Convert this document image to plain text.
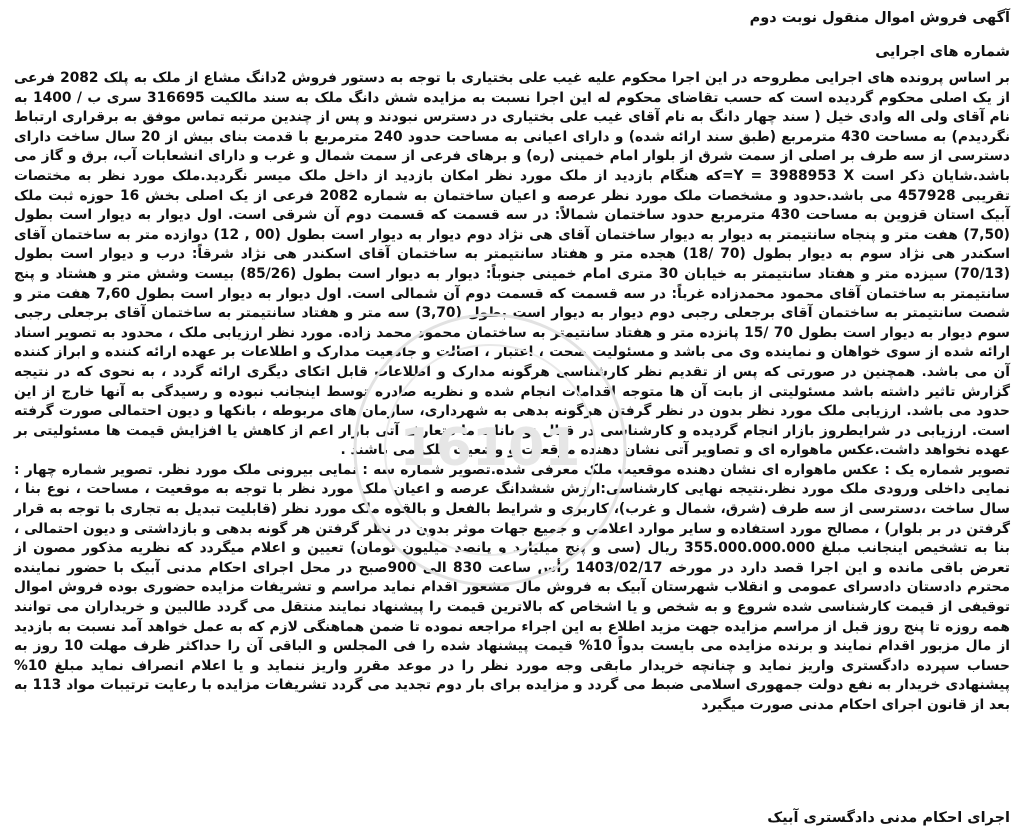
16101
آگهی فروش اموال منقول نوبت دوم
شماره های اجرایی

بر اساس پرونده های اجرایی مطروحه در این اجرا محکوم علیه غیب علی بختیاری با توجه به دستور فروش 2دانگ مشاع از ملک به پلک 2082 فرعی از یک اصلی محکوم گردیده است که حسب تقاضای محکوم له این اجرا نسبت به مزایده شش دانگ ملک به سند مالکیت 316695 سری ب / 1400 به نام آقای ولی اله وادی خیل ( سند چهار دانگ به نام آقای غیب علی بختیاری در دسترس نبودند و پس از چندین مرتبه تماس موفق به برقراری ارتباط نگردیدم) به مساحت 430 مترمربع (طبق سند ارائه شده) و دارای اعیانی به مساحت حدود 240 مترمربع با قدمت بنای بیش از 20 سال ساخت دارای دسترسی از سه طرف بر اصلی از سمت شرق از بلوار امام خمینی (ره) و برهای فرعی از سمت شمال و غرب و دارای انشعابات آب، برق و گاز می باشد.شایان ذکر است Y = 3988953 X=که هنگام بازدید از ملک مورد نظر امکان بازدید از داخل ملک میسر نگردید.ملک مورد نظر به مختصات تقریبی 457928 می باشد.حدود و مشخصات ملک مورد نظر عرصه و اعیان ساختمان به شماره 2082 فرعی از یک اصلی بخش 16 حوزه ثبت ملک آبیک استان قزوین به مساحت 430 مترمربع حدود ساختمان شمالاً: در سه قسمت که قسمت دوم آن شرقی است. اول دیوار به دیوار است بطول (7,50) هفت متر و پنجاه سانتیمتر به دیوار به دیوار ساختمان آقای هی نژاد دوم دیوار به دیوار است بطول (00 , 12) دوازده متر به ساختمان آقای اسکندر هی نژاد سوم به دیوار بطول (70 /18) هجده متر و هفتاد سانتیمتر به ساختمان آقای اسکندر هی نژاد شرقاً: درب و دیوار است بطول (70/13) سیزده متر و هفتاد سانتیمتر به خیابان 30 متری امام خمینی جنوباً: دیوار به دیوار است بطول (85/26) بیست وشش متر و هشتاد و پنج سانتیمتر به ساختمان آقای محمود محمدزاده غرباً: در سه قسمت که قسمت دوم آن شمالی است. اول دیوار به دیوار است بطول 7,60 هفت متر و شصت سانتیمتر به ساختمان آقای برجعلی رجبی دوم دیوار به دیوار است بطول (3,70) سه متر و هفتاد سانتیمتر به ساختمان آقای برجعلی رجبی سوم دیوار به دیوار است بطول 70 /15 پانزده متر و هفتاد سانتیمتر به ساختمان محمود محمد زاده. مورد نظر ارزیابی ملک ، محدود به تصویر اسناد ارائه شده از سوی خواهان و نماینده وی می باشد و مسئولیت صحت ، اعتبار ، اصالت و جامعیت مدارک و اطلاعات بر عهده ارائه کننده و ابراز کننده آن می باشد. همچنین در صورتی که پس از تقدیم نظر کارشناسی هرگونه مدارک و اطلاعات قابل اتکای دیگری ارائه گردد ، به نحوی که در نتیجه گزارش تاثیر داشته باشد مسئولیتی از بابت آن ها متوجه اقدامات انجام شده و نظریه صادره توسط اینجانب نبوده و رسیدگی به آنها خارج از این حدود می باشد. ارزیابی ملک مورد نظر بدون در نظر گرفتن هرگونه بدهی به شهرداری، سازمان های مربوطه ، بانکها و دیون احتمالی صورت گرفته است. ارزیابی در شرایطروز بازار انجام گردیده و کارشناسی در قبال نوسانات ما متعارف آتی بازار اعم از کاهش یا افزایش قیمت ها مسئولیتی بر عهده نخواهد داشت.عکس ماهواره ای و تصاویر آتی نشان دهنده موقعیت و وضعیت ملک می باشند .

تصویر شماره یک : عکس ماهواره ای نشان دهنده موقعیت ملک معرفی شده.تصویر شماره سه : نمایی بیرونی ملک مورد نظر. تصویر شماره چهار : نمایی داخلی ورودی ملک مورد نظر.نتیجه نهایی کارشناسی:ارزش ششدانگ عرصه و اعیان ملک مورد نظر با توجه به موقعیت ، مساحت ، نوع بنا ، سال ساخت ،دسترسی از سه طرف (شرق، شمال و غرب)، کاربری و شرایط بالفعل و بالقوه ملک مورد نظر (قابلیت تبدیل به تجاری با توجه به قرار گرفتن در بر بلوار) ، مصالح مورد استفاده و سایر موارد اعلامی و جمیع جهات موثر بدون در نظر گرفتن هر گونه بدهی و بازداشتی و دیون احتمالی ، بنا به تشخیص اینجانب مبلغ 355.000.000.000 ریال (سی و پنج میلیارد و پانصد میلیون تومان) تعیین و اعلام میگردد که نظریه مذکور مصون از تعرض باقی مانده و این اجرا قصد دارد در مورخه 1403/02/17 رأس ساعت 830 الی 900صبح در محل اجرای احکام مدنی آبیک با حضور نماینده محترم دادستان دادسرای عمومی و انقلاب شهرستان آبیک به فروش مال مشعور اقدام نماید مراسم و تشریفات مزایده حضوری بوده فروش اموال توقیفی از قیمت کارشناسی شده شروع و به شخص و یا اشخاص که بالاترین قیمت را پیشنهاد نمایند منتقل می گردد طالبین و خریداران می توانند همه روزه تا پنج روز قبل از مراسم مزایده جهت مزید اطلاع به این اجراء مراجعه نموده تا ضمن هماهنگی لازم که به عمل خواهد آمد نسبت به بازدید از مال مزبور اقدام نمایند و برنده مزایده می بایست بدواً 10% قیمت پیشنهاد شده را فی المجلس و الباقی آن را حداکثر ظرف مهلت 10 روز به حساب سپرده دادگستری واریز نماید و چنانچه خریدار مابقی وجه مورد نظر را در موعد مقرر واریز ننماید و یا اعلام انصراف نماید مبلغ 10% پیشنهادی خریدار به نفع دولت جمهوری اسلامی ضبط می گردد و مزایده برای بار دوم تجدید می گردد تشریفات مزایده با رعایت ترتیبات مواد 113 به بعد از قانون اجرای احکام مدنی صورت میگیرد

اجرای احکام مدنی دادگستری آبیک
